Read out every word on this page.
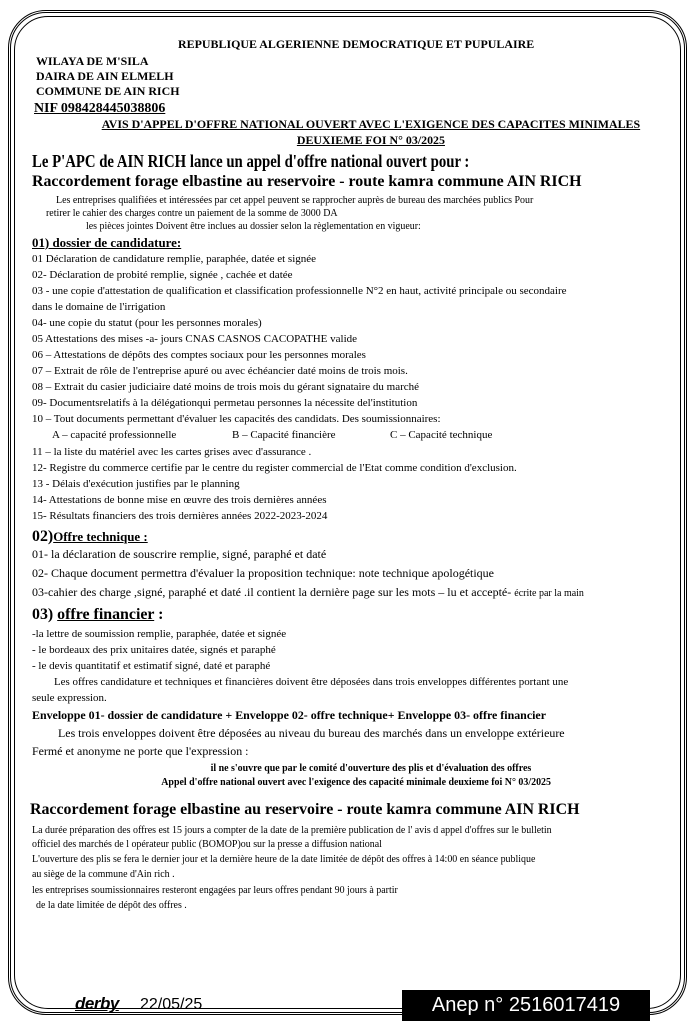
REPUBLIQUE ALGERIENNE DEMOCRATIQUE ET PUPULAIRE
WILAYA DE M'SILA
DAIRA DE AIN ELMELH
COMMUNE DE AIN RICH
NIF 098428445038806
AVIS D'APPEL D'OFFRE NATIONAL OUVERT AVEC L'EXIGENCE DES CAPACITES MINIMALES
DEUXIEME FOI N° 03/2025
Le P'APC de AIN RICH lance un appel d'offre national ouvert pour :
Raccordement forage elbastine au reservoire - route kamra commune AIN RICH
Les entreprises qualifiées et intéressées par cet appel peuvent se rapprocher auprès de bureau des marchées publics Pour
retirer le cahier des charges contre un paiement de la somme de 3000 DA
les pièces jointes Doivent être inclues au dossier selon la règlementation en vigueur:
01) dossier de candidature:
01 Déclaration de candidature remplie, paraphée, datée et signée
02- Déclaration de probité remplie, signée , cachée et datée
03 - une copie d'attestation de qualification et classification professionnelle N°2 en haut, activité principale ou secondaire
dans le domaine de l'irrigation
04- une copie du statut (pour les personnes morales)
05 Attestations des mises -a- jours CNAS CASNOS CACOPATHE valide
06 – Attestations de dépôts des comptes sociaux pour les personnes morales
07 – Extrait de rôle de l'entreprise apuré ou avec échéancier daté moins de trois mois.
08 – Extrait du casier judiciaire daté moins de trois mois du gérant signataire du marché
09- Documentsrelatifs à la délégationqui permetau personnes la nécessite del'institution
10 – Tout documents permettant d'évaluer les capacités des candidats. Des soumissionnaires:
A – capacité professionnelle	B – Capacité financière	C – Capacité technique
11 – la liste du matériel avec les cartes grises avec d'assurance .
12- Registre du commerce certifie par le centre du register commercial de l'Etat comme condition d'exclusion.
13 - Délais d'exécution justifies par le planning
14- Attestations de bonne mise en œuvre des trois dernières années
15- Résultats financiers des trois dernières années 2022-2023-2024
02)Offre technique :
01- la déclaration de souscrire remplie, signé, paraphé et daté
02- Chaque document permettra d'évaluer la proposition technique: note technique apologétique
03-cahier des charge ,signé, paraphé et daté .il contient la dernière page sur les mots – lu et accepté- écrite par la main
03) offre financier :
-la lettre de soumission remplie, paraphée, datée et signée
- le bordeaux des prix unitaires datée, signés et paraphé
- le devis quantitatif et estimatif signé, daté et paraphé
Les offres candidature et techniques et financières doivent être déposées dans trois enveloppes différentes portant une
seule expression.
Enveloppe 01- dossier de candidature + Enveloppe 02- offre technique+ Enveloppe 03- offre financier
Les trois enveloppes doivent être déposées au niveau du bureau des marchés dans un enveloppe extérieure
Fermé et anonyme ne porte que l'expression :
il ne s'ouvre que par le comité d'ouverture des plis et d'évaluation des offres
Appel d'offre national ouvert avec l'exigence des capacité minimale deuxieme foi N° 03/2025
Raccordement forage elbastine au reservoire - route kamra commune AIN RICH
La durée préparation des offres est 15 jours a compter de la date de la première publication de l' avis d appel d'offres sur le bulletin
officiel des marchés de l opérateur public (BOMOP)ou sur la presse a diffusion national
L'ouverture des plis se fera le dernier jour et la dernière heure de la date limitée de dépôt des offres à 14:00 en séance publique
au siège de la commune d'Ain rich .
les entreprises soumissionnaires resteront engagées par leurs offres pendant 90 jours à partir
de la date limitée de dépôt des offres .
derby 22/05/25	Anep n° 2516017419
